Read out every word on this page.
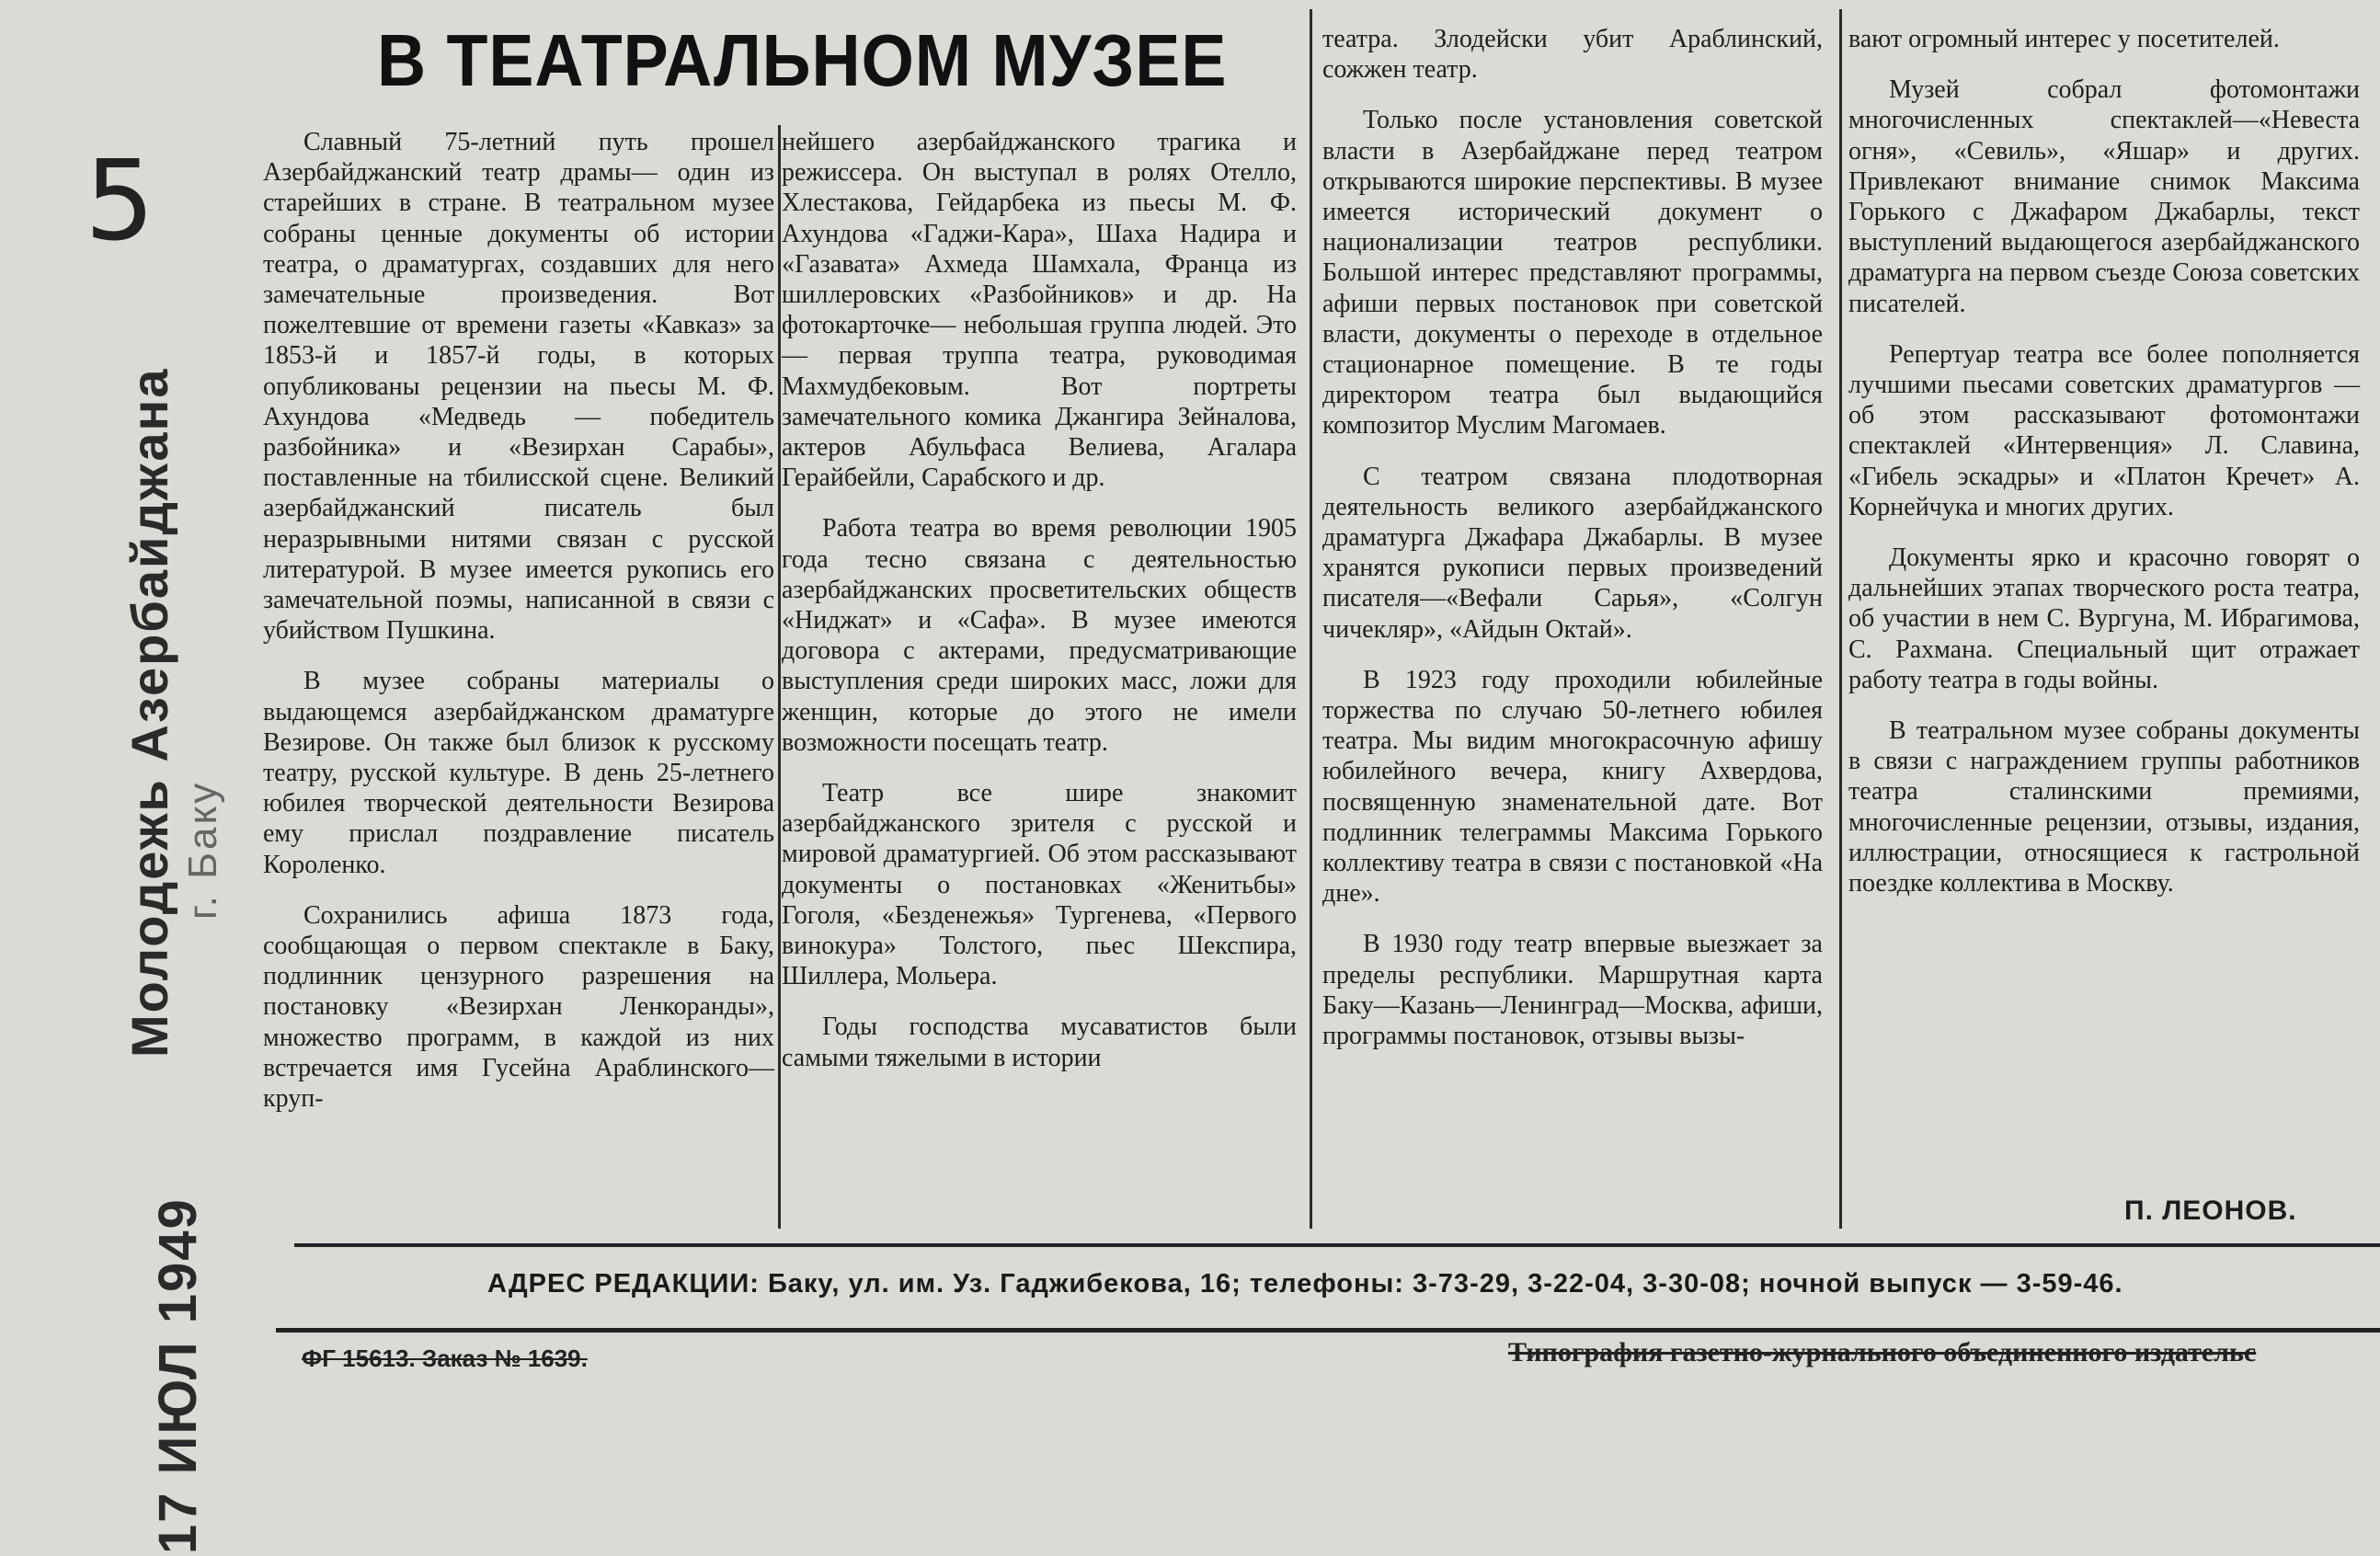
5
Молодежь Азербайджана г. Баку
17 ИЮЛ 1949
В ТЕАТРАЛЬНОМ МУЗЕЕ

Славный 75-летний путь прошел Азербайджанский театр драмы— один из старейших в стране. В театральном музее собраны ценные документы об истории театра, о драматургах, создавших для него замечательные произведения. Вот пожелтевшие от времени газеты «Кавказ» за 1853-й и 1857-й годы, в которых опубликованы рецензии на пьесы М. Ф. Ахундова «Медведь — победитель разбойника» и «Везирхан Сарабы», поставленные на тбилисской сцене. Великий азербайджанский писатель был неразрывными нитями связан с русской литературой. В музее имеется рукопись его замечательной поэмы, написанной в связи с убийством Пушкина.

В музее собраны материалы о выдающемся азербайджанском драматурге Везирове. Он также был близок к русскому театру, русской культуре. В день 25-летнего юбилея творческой деятельности Везирова ему прислал поздравление писатель Короленко.

Сохранились афиша 1873 года, сообщающая о первом спектакле в Баку, подлинник цензурного разрешения на постановку «Везирхан Ленкоранды», множество программ, в каждой из них встречается имя Гусейна Араблинского—круп-

нейшего азербайджанского трагика и режиссера. Он выступал в ролях Отелло, Хлестакова, Гейдарбека из пьесы М. Ф. Ахундова «Гаджи-Кара», Шаха Надира и «Газавата» Ахмеда Шамхала, Франца из шиллеровских «Разбойников» и др. На фотокарточке— небольшая группа людей. Это — первая труппа театра, руководимая Махмудбековым. Вот портреты замечательного комика Джангира Зейналова, актеров Абульфаса Велиева, Агалара Герайбейли, Сарабского и др.

Работа театра во время революции 1905 года тесно связана с деятельностью азербайджанских просветительских обществ «Ниджат» и «Сафа». В музее имеются договора с актерами, предусматривающие выступления среди широких масс, ложи для женщин, которые до этого не имели возможности посещать театр.

Театр все шире знакомит азербайджанского зрителя с русской и мировой драматургией. Об этом рассказывают документы о постановках «Женитьбы» Гоголя, «Безденежья» Тургенева, «Первого винокура» Толстого, пьес Шекспира, Шиллера, Мольера.

Годы господства мусаватистов были самыми тяжелыми в истории

театра. Злодейски убит Араблинский, сожжен театр.

Только после установления советской власти в Азербайджане перед театром открываются широкие перспективы. В музее имеется исторический документ о национализации театров республики. Большой интерес представляют программы, афиши первых постановок при советской власти, документы о переходе в отдельное стационарное помещение. В те годы директором театра был выдающийся композитор Муслим Магомаев.

С театром связана плодотворная деятельность великого азербайджанского драматурга Джафара Джабарлы. В музее хранятся рукописи первых произведений писателя—«Вефали Сарья», «Солгун чичекляр», «Айдын Октай».

В 1923 году проходили юбилейные торжества по случаю 50-летнего юбилея театра. Мы видим многокрасочную афишу юбилейного вечера, книгу Ахвердова, посвященную знаменательной дате. Вот подлинник телеграммы Максима Горького коллективу театра в связи с постановкой «На дне».

В 1930 году театр впервые выезжает за пределы республики. Маршрутная карта Баку—Казань—Ленинград—Москва, афиши, программы постановок, отзывы вызы-

вают огромный интерес у посетителей.

Музей собрал фотомонтажи многочисленных спектаклей—«Невеста огня», «Севиль», «Яшар» и других. Привлекают внимание снимок Максима Горького с Джафаром Джабарлы, текст выступлений выдающегося азербайджанского драматурга на первом съезде Союза советских писателей.

Репертуар театра все более пополняется лучшими пьесами советских драматургов — об этом рассказывают фотомонтажи спектаклей «Интервенция» Л. Славина, «Гибель эскадры» и «Платон Кречет» А. Корнейчука и многих других.

Документы ярко и красочно говорят о дальнейших этапах творческого роста театра, об участии в нем С. Вургуна, М. Ибрагимова, С. Рахмана. Специальный щит отражает работу театра в годы войны.

В театральном музее собраны документы в связи с награждением группы работников театра сталинскими премиями, многочисленные рецензии, отзывы, издания, иллюстрации, относящиеся к гастрольной поездке коллектива в Москву.

П. ЛЕОНОВ.
АДРЕС РЕДАКЦИИ: Баку, ул. им. Уз. Гаджибекова, 16; телефоны: 3-73-29, 3-22-04, 3-30-08; ночной выпуск — 3-59-46.
ФГ 15613. Заказ № 1639.	Типография газетно-журнального объединенного издательс
